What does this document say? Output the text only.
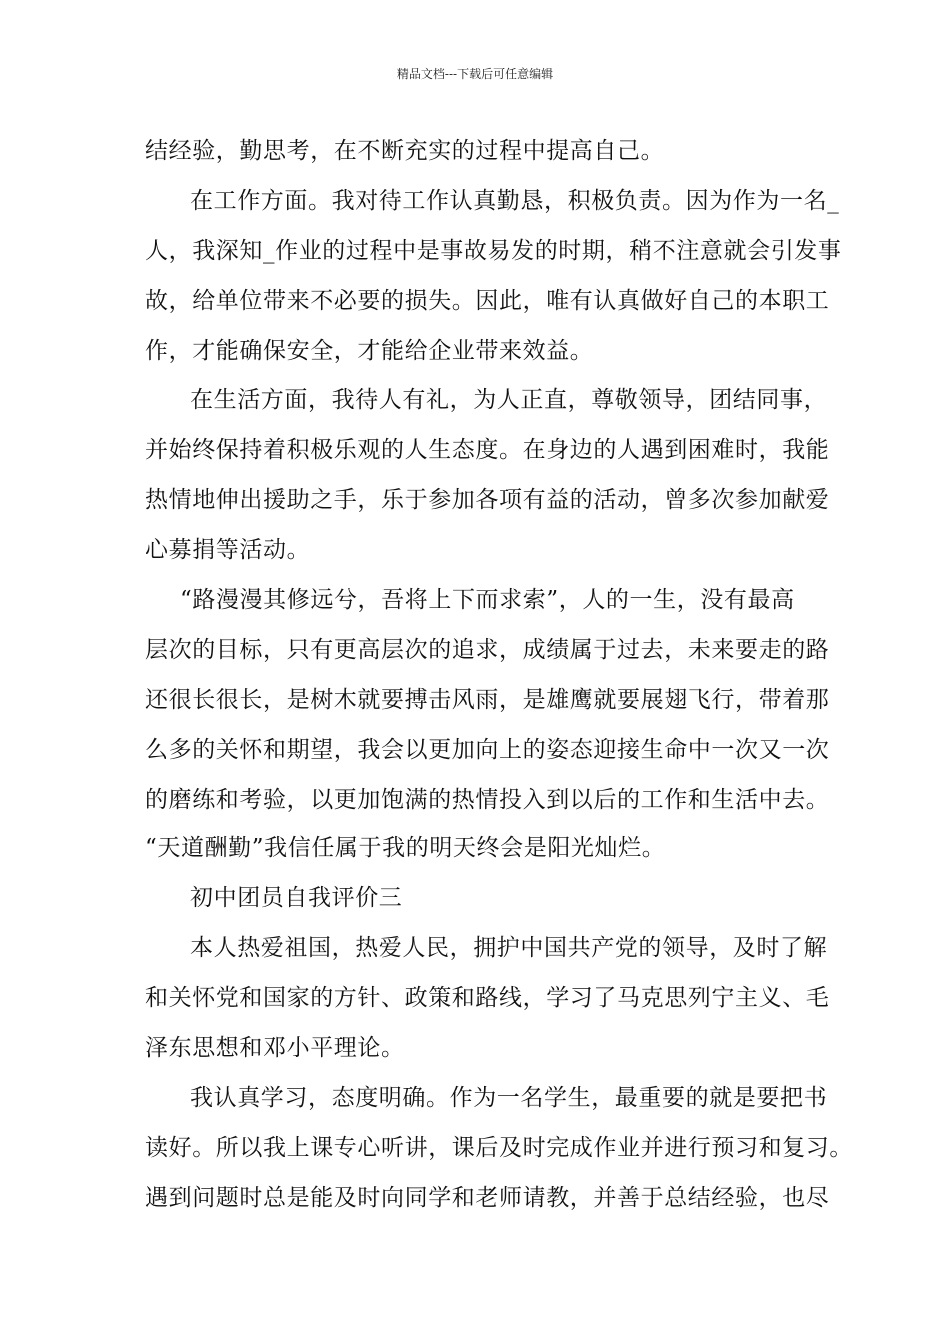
精品文档---下载后可任意编辑
结经验，勤思考，在不断充实的过程中提高自己。
在工作方面。我对待工作认真勤恳，积极负责。因为作为一名_
人，我深知_作业的过程中是事故易发的时期，稍不注意就会引发事
故，给单位带来不必要的损失。因此，唯有认真做好自己的本职工
作，才能确保安全，才能给企业带来效益。
在生活方面，我待人有礼，为人正直，尊敬领导，团结同事，
并始终保持着积极乐观的人生态度。在身边的人遇到困难时，我能
热情地伸出援助之手，乐于参加各项有益的活动，曾多次参加献爱
心募捐等活动。
“路漫漫其修远兮，吾将上下而求索”，人的一生，没有最高
层次的目标，只有更高层次的追求，成绩属于过去，未来要走的路
还很长很长，是树木就要搏击风雨，是雄鹰就要展翅飞行，带着那
么多的关怀和期望，我会以更加向上的姿态迎接生命中一次又一次
的磨练和考验，以更加饱满的热情投入到以后的工作和生活中去。
“天道酬勤”我信任属于我的明天终会是阳光灿烂。
初中团员自我评价三
本人热爱祖国，热爱人民，拥护中国共产党的领导，及时了解
和关怀党和国家的方针、政策和路线，学习了马克思列宁主义、毛
泽东思想和邓小平理论。
我认真学习，态度明确。作为一名学生，最重要的就是要把书
读好。所以我上课专心听讲，课后及时完成作业并进行预习和复习。
遇到问题时总是能及时向同学和老师请教，并善于总结经验，也尽
